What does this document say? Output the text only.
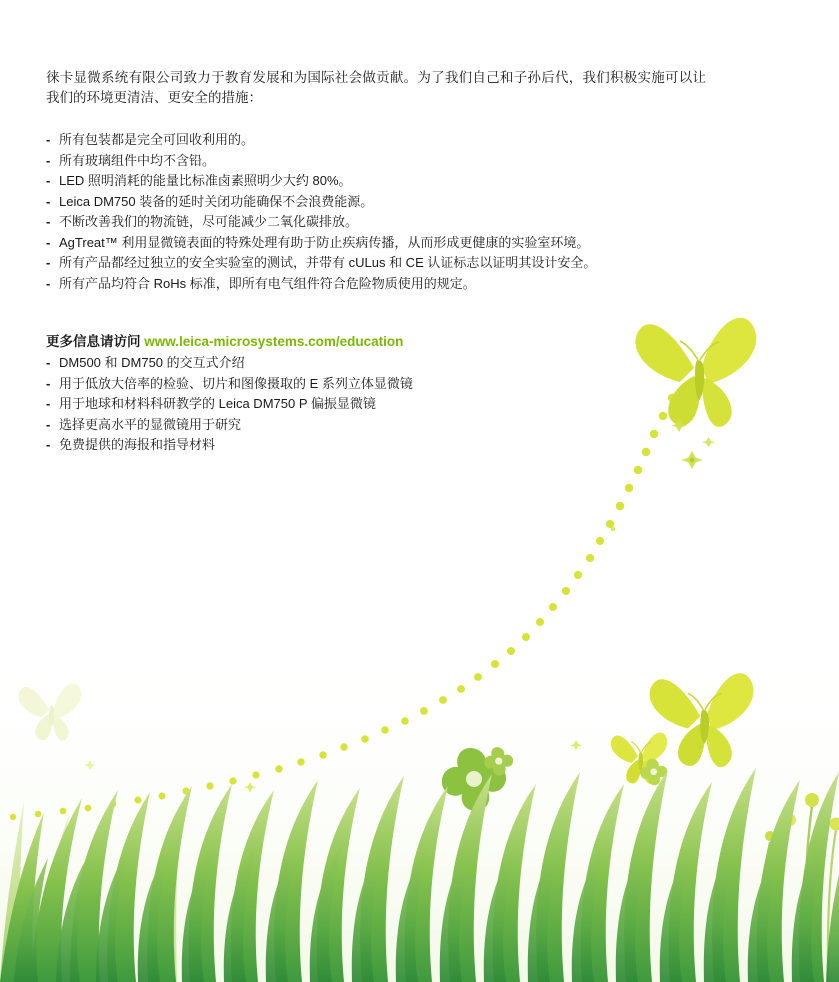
徕卡显微系统有限公司致力于教育发展和为国际社会做贡献。为了我们自己和子孙后代，我们积极实施可以让我们的环境更清洁、更安全的措施：

- 所有包装都是完全可回收利用的。
- 所有玻璃组件中均不含铅。
- LED 照明消耗的能量比标准卤素照明少大约 80%。
- Leica DM750 装备的延时关闭功能确保不会浪费能源。
- 不断改善我们的物流链，尽可能减少二氧化碳排放。
- AgTreat™ 利用显微镜表面的特殊处理有助于防止疾病传播，从而形成更健康的实验室环境。
- 所有产品都经过独立的安全实验室的测试，并带有 cULus 和 CE 认证标志以证明其设计安全。
- 所有产品均符合 RoHs 标准，即所有电气组件符合危险物质使用的规定。

更多信息请访问 www.leica-microsystems.com/education

- DM500 和 DM750 的交互式介绍
- 用于低放大倍率的检验、切片和图像摄取的 E 系列立体显微镜
- 用于地球和材料科研教学的 Leica DM750 P 偏振显微镜
- 选择更高水平的显微镜用于研究
- 免费提供的海报和指导材料
